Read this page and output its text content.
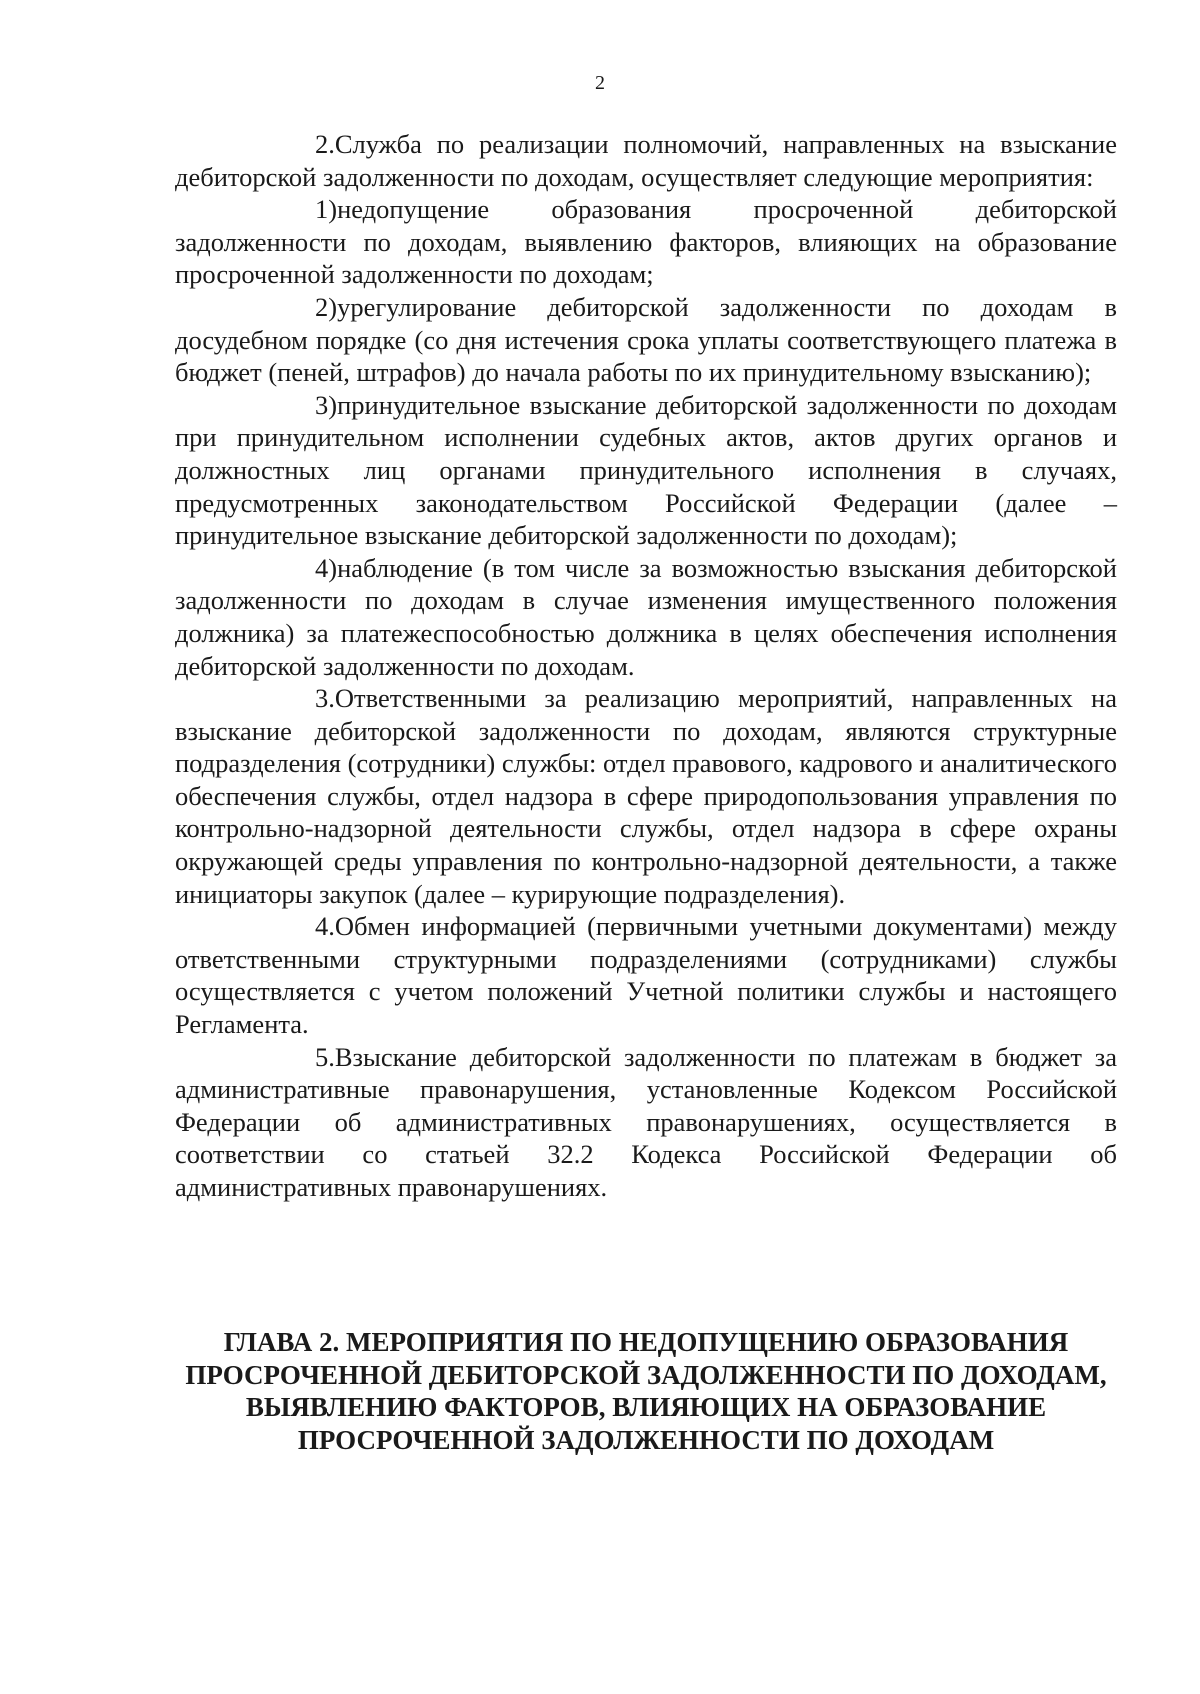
2

2.Служба по реализации полномочий, направленных на взыскание дебиторской задолженности по доходам, осуществляет следующие мероприятия:

1)недопущение образования просроченной дебиторской задолженности по доходам, выявлению факторов, влияющих на образование просроченной задолженности по доходам;

2)урегулирование дебиторской задолженности по доходам в досудебном порядке (со дня истечения срока уплаты соответствующего платежа в бюджет (пеней, штрафов) до начала работы по их принудительному взысканию);

3)принудительное взыскание дебиторской задолженности по доходам при принудительном исполнении судебных актов, актов других органов и должностных лиц органами принудительного исполнения в случаях, предусмотренных законодательством Российской Федерации (далее – принудительное взыскание дебиторской задолженности по доходам);

4)наблюдение (в том числе за возможностью взыскания дебиторской задолженности по доходам в случае изменения имущественного положения должника) за платежеспособностью должника в целях обеспечения исполнения дебиторской задолженности по доходам.

3.Ответственными за реализацию мероприятий, направленных на взыскание дебиторской задолженности по доходам, являются структурные подразделения (сотрудники) службы: отдел правового, кадрового и аналитического обеспечения службы, отдел надзора в сфере природопользования управления по контрольно-надзорной деятельности службы, отдел надзора в сфере охраны окружающей среды управления по контрольно-надзорной деятельности, а также инициаторы закупок (далее – курирующие подразделения).

4.Обмен информацией (первичными учетными документами) между ответственными структурными подразделениями (сотрудниками) службы осуществляется с учетом положений Учетной политики службы и настоящего Регламента.

5.Взыскание дебиторской задолженности по платежам в бюджет за административные правонарушения, установленные Кодексом Российской Федерации об административных правонарушениях, осуществляется в соответствии со статьей 32.2 Кодекса Российской Федерации об административных правонарушениях.

ГЛАВА 2. МЕРОПРИЯТИЯ ПО НЕДОПУЩЕНИЮ ОБРАЗОВАНИЯ ПРОСРОЧЕННОЙ ДЕБИТОРСКОЙ ЗАДОЛЖЕННОСТИ ПО ДОХОДАМ, ВЫЯВЛЕНИЮ ФАКТОРОВ, ВЛИЯЮЩИХ НА ОБРАЗОВАНИЕ ПРОСРОЧЕННОЙ ЗАДОЛЖЕННОСТИ ПО ДОХОДАМ
